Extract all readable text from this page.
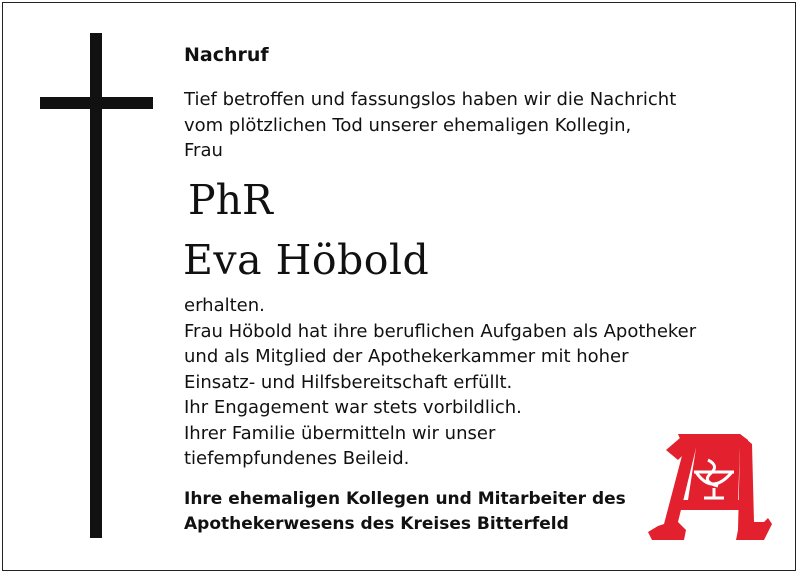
Nachruf
Tief betroffen und fassungslos haben wir die Nachricht
vom plötzlichen Tod unserer ehemaligen Kollegin,
Frau
PhR
Eva Höbold
erhalten.
Frau Höbold hat ihre beruflichen Aufgaben als Apotheker
und als Mitglied der Apothekerkammer mit hoher
Einsatz- und Hilfsbereitschaft erfüllt.
Ihr Engagement war stets vorbildlich.
Ihrer Familie übermitteln wir unser
tiefempfundenes Beileid.
Ihre ehemaligen Kollegen und Mitarbeiter des
Apothekerwesens des Kreises Bitterfeld
